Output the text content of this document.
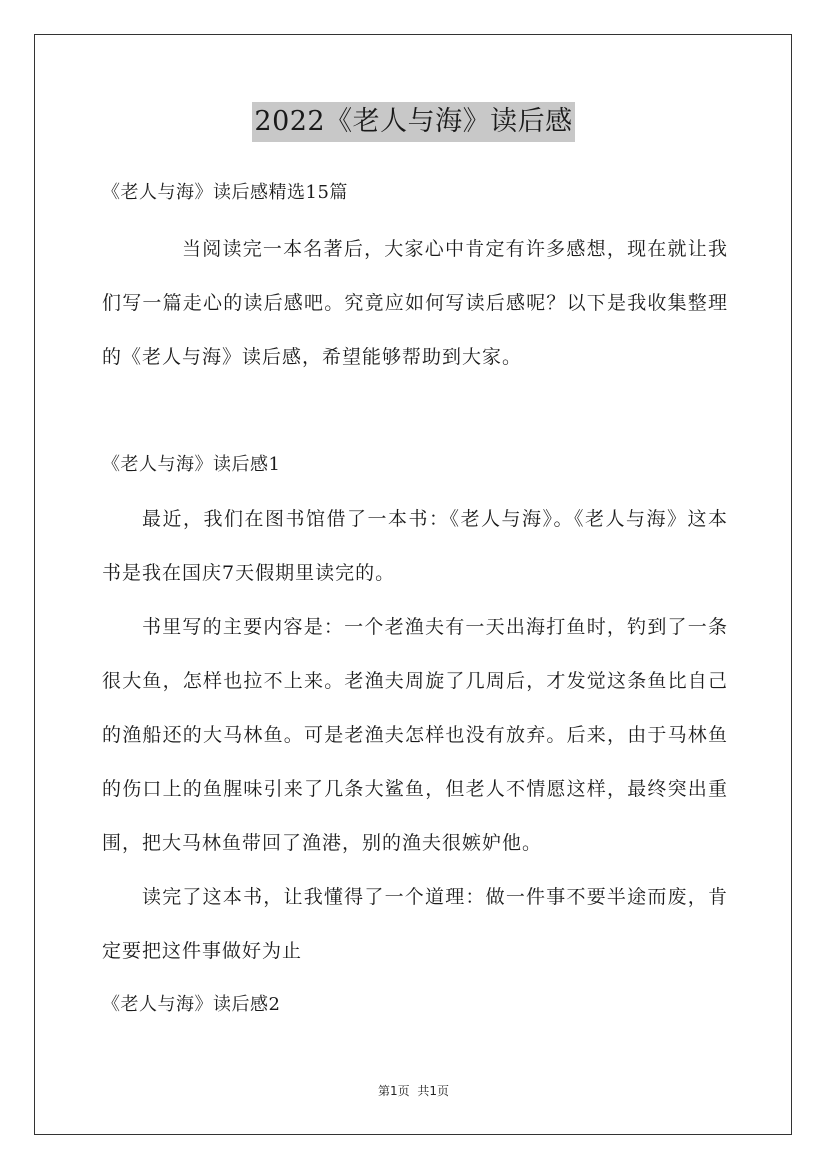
2022《老人与海》读后感

《老人与海》读后感精选15篇

当阅读完一本名著后，大家心中肯定有许多感想，现在就让我们写一篇走心的读后感吧。究竟应如何写读后感呢？以下是我收集整理的《老人与海》读后感，希望能够帮助到大家。

《老人与海》读后感1

最近，我们在图书馆借了一本书：《老人与海》。《老人与海》这本书是我在国庆7天假期里读完的。

书里写的主要内容是：一个老渔夫有一天出海打鱼时，钓到了一条很大鱼，怎样也拉不上来。老渔夫周旋了几周后，才发觉这条鱼比自己的渔船还的大马林鱼。可是老渔夫怎样也没有放弃。后来，由于马林鱼的伤口上的鱼腥味引来了几条大鲨鱼，但老人不情愿这样，最终突出重围，把大马林鱼带回了渔港，别的渔夫很嫉妒他。

读完了这本书，让我懂得了一个道理：做一件事不要半途而废，肯定要把这件事做好为止

《老人与海》读后感2

第1页 共1页
